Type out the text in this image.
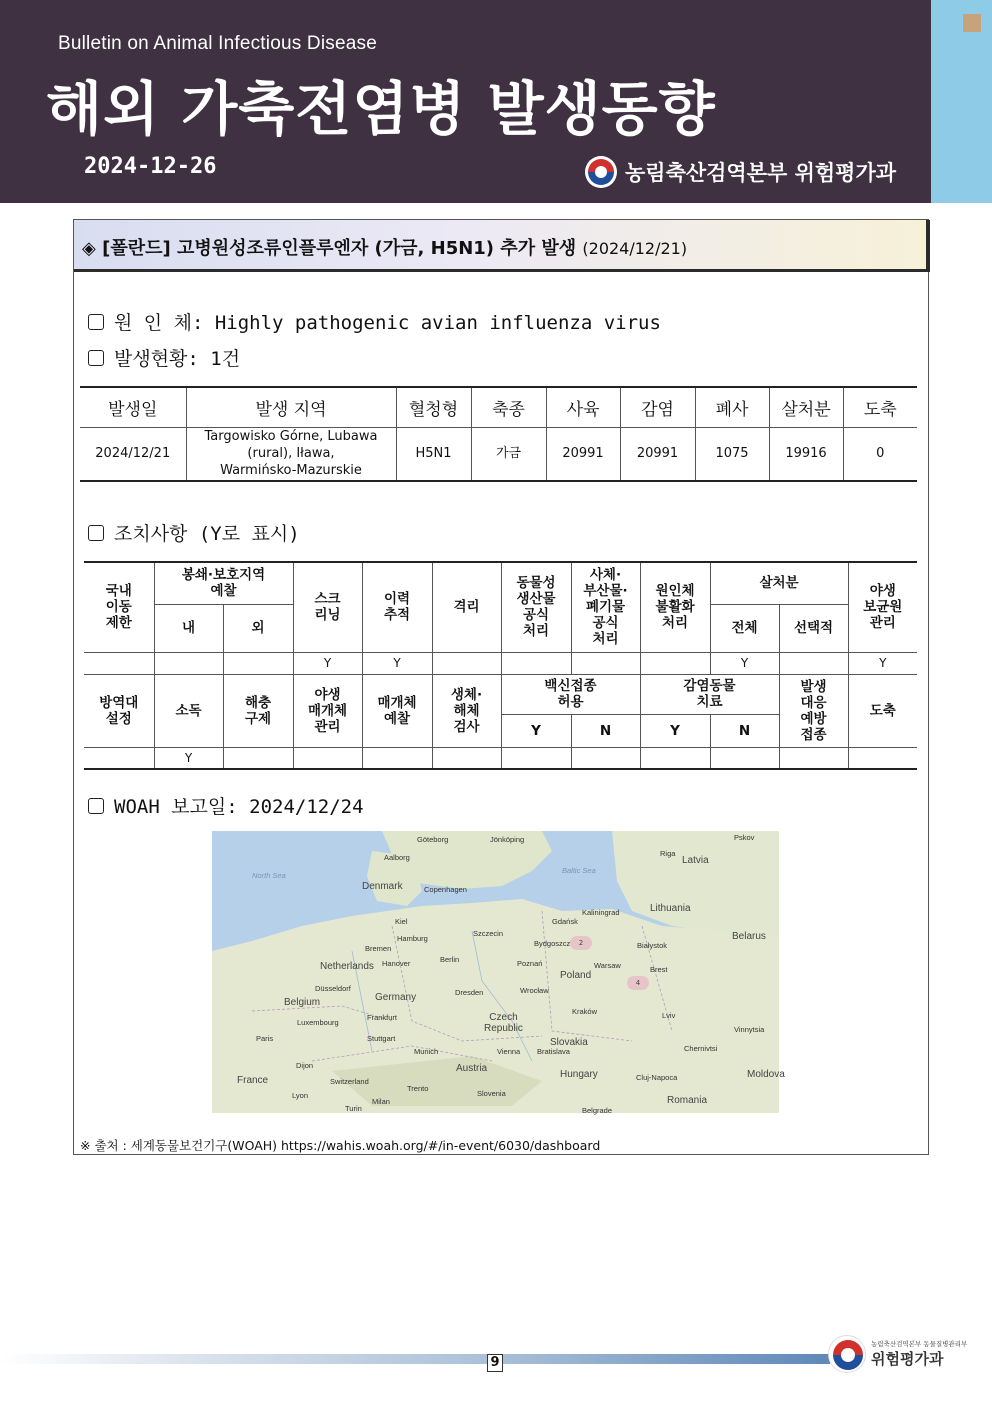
Bulletin on Animal Infectious Disease
해외 가축전염병 발생동향
2024-12-26	농림축산검역본부 위험평가과
◈ [폴란드] 고병원성조류인플루엔자 (가금, H5N1) 추가 발생 (2024/12/21)
원 인 체: Highly pathogenic avian influenza virus
발생현황: 1건
발생일	발생 지역	혈청형	축종	사육	감염	폐사	살처분	도축
2024/12/21	Targowisko Górne, Lubawa
(rural), Iława,
Warmińsko-Mazurskie	H5N1	가금	20991	20991	1075	19916	0
조치사항 (Y로 표시)
국내
이동
제한	봉쇄·보호지역
예찰		스크
리닝	이력
추적	격리	동물성
생산물
공식
처리	사체·
부산물·
폐기물
공식
처리	원인체
불활화
처리	살처분		야생
보균원
관리
	내	외							전체	선택적	
			Y	Y					Y		Y
방역대
설정	소독	해충
구제	야생
매개체
관리	매개체
예찰	생체·
해체
검사	백신접종
허용		감염동물
치료		발생
대응
예방
접종	도축
						Y	N	Y	N		
	Y										
WOAH 보고일: 2024/12/24
North Sea
Denmark
Aalborg
Göteborg	Jönköping
Copenhagen
Baltic Sea
Riga
Latvia
Pskov
Lithuania
Kaliningrad
Gdańsk
Kiel
Hamburg
Bremen
Netherlands Hanover	Berlin
Szczecin
Bydgoszcz	Białystok
Belarus
Poznań	Warsaw	Brest
Poland
Düsseldorf
Germany	Dresden	Wrocław
Belgium
Frankfurt
Luxembourg	Czech
Republic
Kraków	Lviv
Vinnytsia
Paris	Stuttgart	Slovakia
Munich	Vienna Bratislava	Chernivtsi
Austria
Hungary	Cluj-Napoca	Moldova
Dijon
France	Switzerland
Trento
Slovenia
Romania
Lyon
Milan
Turin	Belgrade
2
4
※ 출처 : 세계동물보건기구(WOAH) https://wahis.woah.org/#/in-event/6030/dashboard
9
농림축산검역본부 동물질병관리부
위험평가과
